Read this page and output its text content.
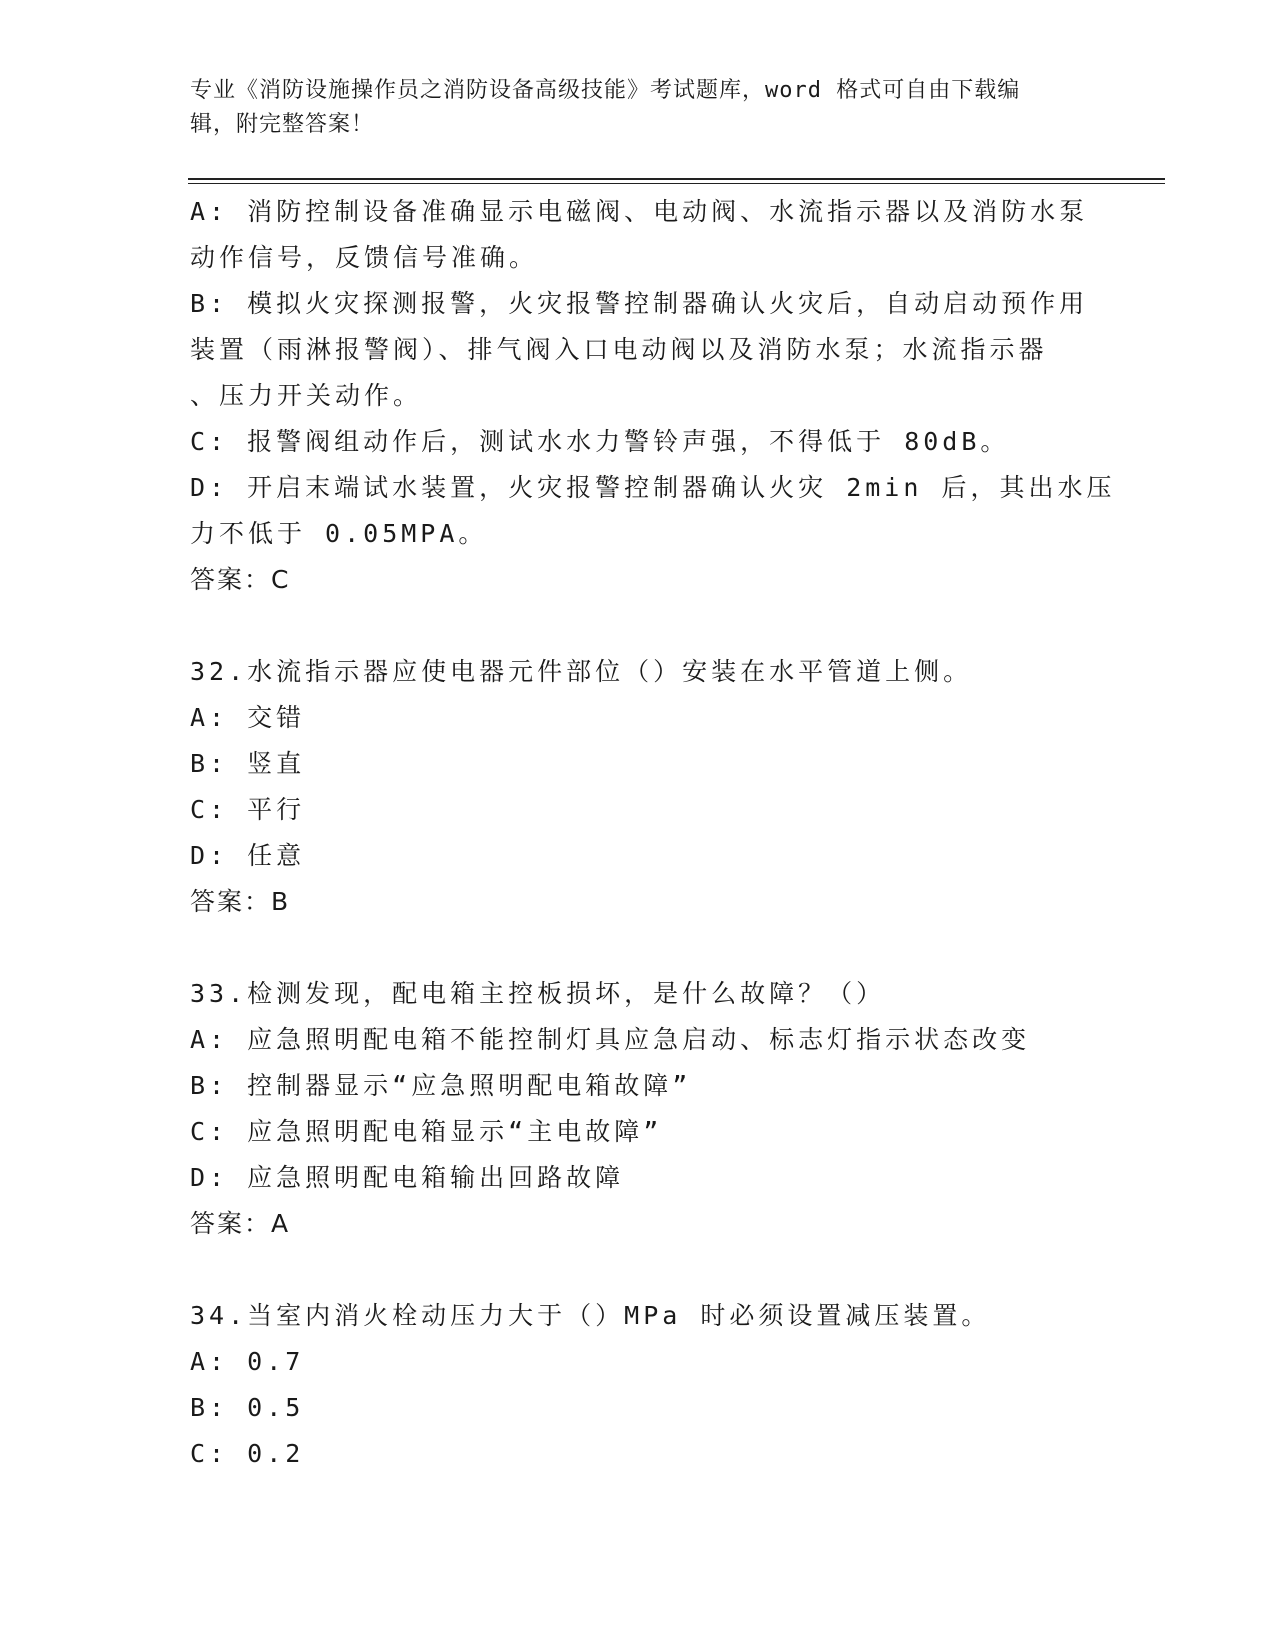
专业《消防设施操作员之消防设备高级技能》考试题库，word 格式可自由下载编
辑，附完整答案！
A: 消防控制设备准确显示电磁阀、电动阀、水流指示器以及消防水泵
动作信号，反馈信号准确。
B: 模拟火灾探测报警，火灾报警控制器确认火灾后，自动启动预作用
装置（雨淋报警阀）、排气阀入口电动阀以及消防水泵；水流指示器
、压力开关动作。
C: 报警阀组动作后，测试水水力警铃声强，不得低于 80dB。
D: 开启末端试水装置，火灾报警控制器确认火灾 2min 后，其出水压
力不低于 0.05MPA。
答案：C
32.水流指示器应使电器元件部位（）安装在水平管道上侧。
A: 交错
B: 竖直
C: 平行
D: 任意
答案：B
33.检测发现，配电箱主控板损坏，是什么故障？（）
A: 应急照明配电箱不能控制灯具应急启动、标志灯指示状态改变
B: 控制器显示“应急照明配电箱故障”
C: 应急照明配电箱显示“主电故障”
D: 应急照明配电箱输出回路故障
答案：A
34.当室内消火栓动压力大于（）MPa 时必须设置减压装置。
A: 0.7
B: 0.5
C: 0.2
